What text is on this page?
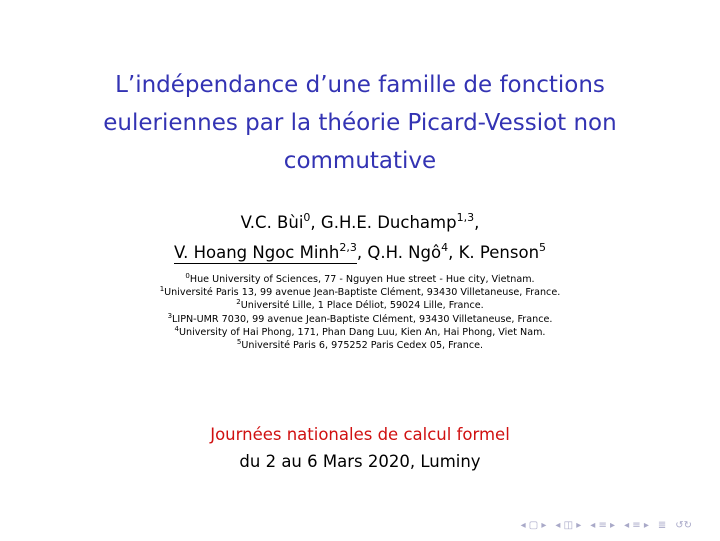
L’indépendance d’une famille de fonctions
euleriennes par la théorie Picard-Vessiot non
commutative
V.C. Bùi$^0$, G.H.E. Duchamp$^{1,3}$,
V. Hoang Ngoc Minh$^{2,3}$, Q.H. Ngô$^4$, K. Penson$^5$
$^0$Hue University of Sciences, 77 - Nguyen Hue street - Hue city, Vietnam.
$^1$Université Paris 13, 99 avenue Jean-Baptiste Clément, 93430 Villetaneuse, France.
$^2$Université Lille, 1 Place Déliot, 59024 Lille, France.
$^3$LIPN-UMR 7030, 99 avenue Jean-Baptiste Clément, 93430 Villetaneuse, France.
$^4$University of Hai Phong, 171, Phan Dang Luu, Kien An, Hai Phong, Viet Nam.
$^5$Université Paris 6, 975252 Paris Cedex 05, France.
Journées nationales de calcul formel
du 2 au 6 Mars 2020, Luminy
◂ ▢ ▸ ◂ ◫ ▸ ◂ ≡ ▸ ◂ ≡ ▸ ≣ ↺↻
